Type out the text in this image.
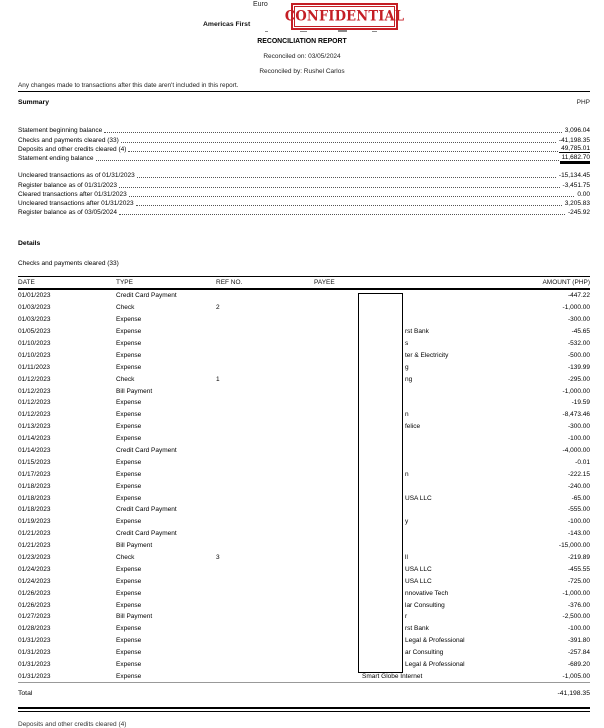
Euro
Americas First	CONFIDENTIAL
RECONCILIATION REPORT
Reconciled on: 03/05/2024
Reconciled by: Rushel Carlos
Any changes made to transactions after this date aren't included in this report.
Summary	PHP
Statement beginning balance	3,096.04
Checks and payments cleared (33)	-41,198.35
Deposits and other credits cleared (4)	49,785.01
Statement ending balance	11,682.70
Uncleared transactions as of 01/31/2023	-15,134.45
Register balance as of 01/31/2023	-3,451.75
Cleared transactions after 01/31/2023	0.00
Uncleared transactions after 01/31/2023	3,205.83
Register balance as of 03/05/2024	-245.92
Details
Checks and payments cleared (33)
DATE	TYPE	REF NO.	PAYEE	AMOUNT (PHP)
01/01/2023	Credit Card Payment	-447.22
01/03/2023	Check	2	-1,000.00
01/03/2023	Expense	-300.00
01/05/2023	Expense	rst Bank	-45.65
01/10/2023	Expense	s	-532.00
01/10/2023	Expense	ter & Electricity	-500.00
01/11/2023	Expense	g	-139.99
01/12/2023	Check	1	ng	-295.00
01/12/2023	Bill Payment	-1,000.00
01/12/2023	Expense	-19.59
01/12/2023	Expense	n	-8,473.46
01/13/2023	Expense	felice	-300.00
01/14/2023	Expense	-100.00
01/14/2023	Credit Card Payment	-4,000.00
01/15/2023	Expense	-0.01
01/17/2023	Expense	n	-222.15
01/18/2023	Expense	-240.00
01/18/2023	Expense	USA LLC	-65.00
01/18/2023	Credit Card Payment	-555.00
01/19/2023	Expense	y	-100.00
01/21/2023	Credit Card Payment	-143.00
01/21/2023	Bill Payment	-15,000.00
01/23/2023	Check	3	ll	-219.89
01/24/2023	Expense	USA LLC	-455.55
01/24/2023	Expense	USA LLC	-725.00
01/26/2023	Expense	nnovative Tech	-1,000.00
01/26/2023	Expense	lar Consulting	-376.00
01/27/2023	Bill Payment	r	-2,500.00
01/28/2023	Expense	rst Bank	-100.00
01/31/2023	Expense	Legal & Professional	-391.80
01/31/2023	Expense	ar Consulting	-257.84
01/31/2023	Expense	Legal & Professional	-689.20
01/31/2023	Expense	Smart Globe Internet	-1,005.00
Total	-41,198.35
Deposits and other credits cleared (4)
